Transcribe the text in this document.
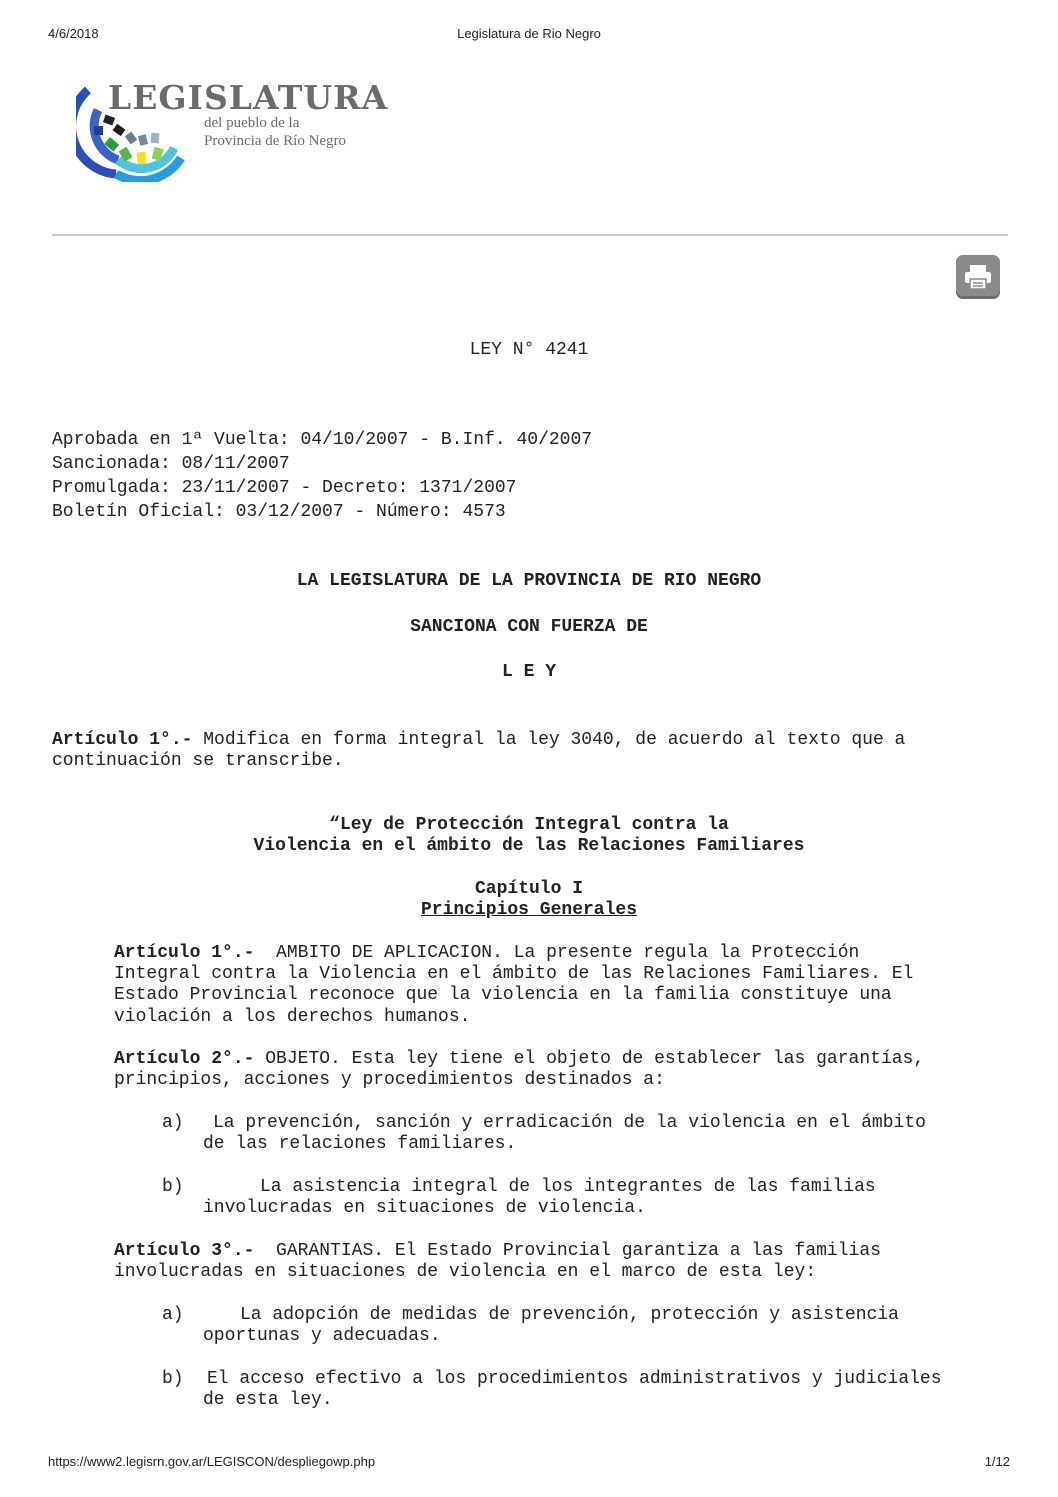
4/6/2018	Legislatura de Rio Negro
LEGISLATURA
del pueblo de la
Provincia de Río Negro
LEY N° 4241
Aprobada en 1ª Vuelta: 04/10/2007 - B.Inf. 40/2007
Sancionada: 08/11/2007
Promulgada: 23/11/2007 - Decreto: 1371/2007
Boletín Oficial: 03/12/2007 - Número: 4573
LA LEGISLATURA DE LA PROVINCIA DE RIO NEGRO
SANCIONA CON FUERZA DE
L E Y
Artículo 1°.- Modifica en forma integral la ley 3040, de acuerdo al texto que a
continuación se transcribe.
“Ley de Protección Integral contra la
Violencia en el ámbito de las Relaciones Familiares
Capítulo I
Principios Generales
Artículo 1°.-  AMBITO DE APLICACION. La presente regula la Protección
Integral contra la Violencia en el ámbito de las Relaciones Familiares. El
Estado Provincial reconoce que la violencia en la familia constituye una
violación a los derechos humanos.
Artículo 2°.- OBJETO. Esta ley tiene el objeto de establecer las garantías,
principios, acciones y procedimientos destinados a:
a) La prevención, sanción y erradicación de la violencia en el ámbito
de las relaciones familiares.
b)	La asistencia integral de los integrantes de las familias
involucradas en situaciones de violencia.
Artículo 3°.-  GARANTIAS. El Estado Provincial garantiza a las familias
involucradas en situaciones de violencia en el marco de esta ley:
a)	La adopción de medidas de prevención, protección y asistencia
oportunas y adecuadas.
b) El acceso efectivo a los procedimientos administrativos y judiciales
de esta ley.
https://www2.legisrn.gov.ar/LEGISCON/despliegowp.php	1/12
